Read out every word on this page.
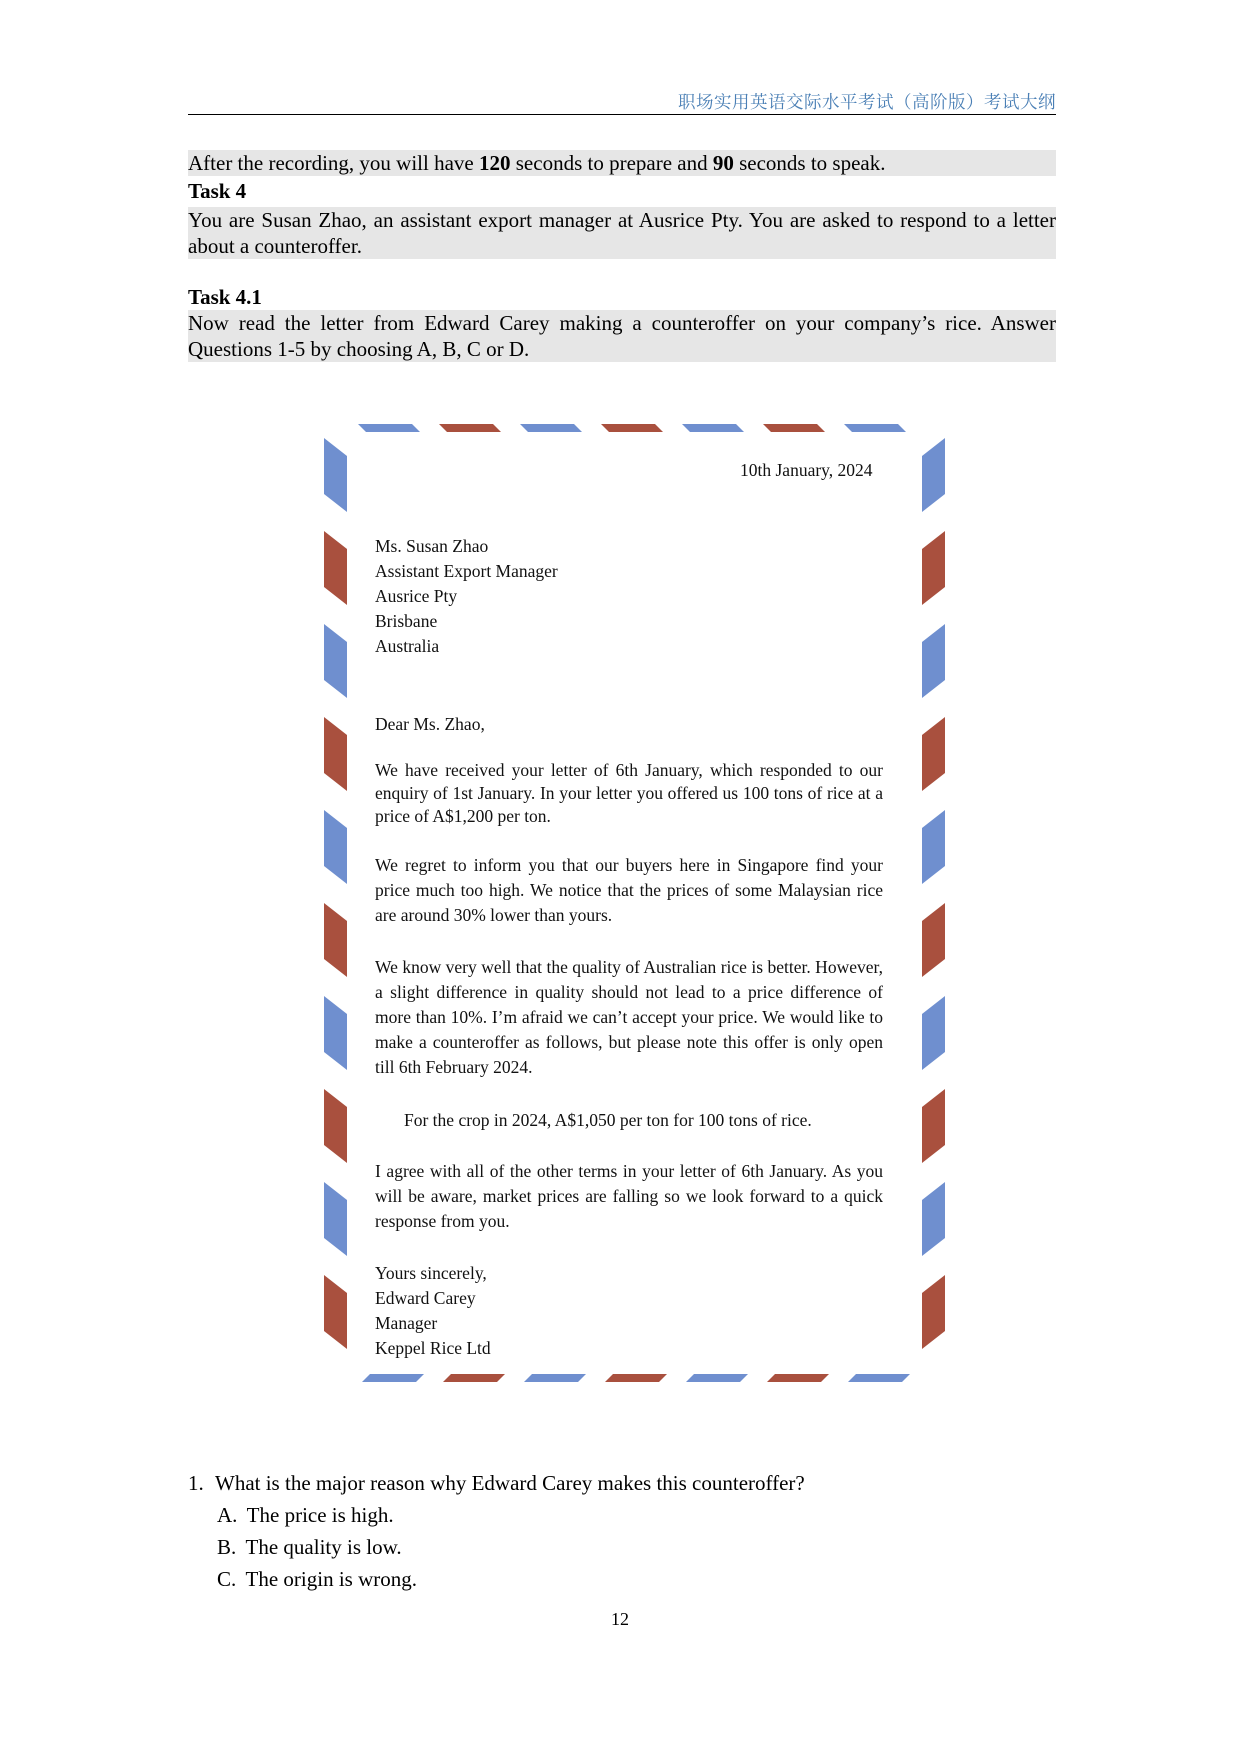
职场实用英语交际水平考试（高阶版）考试大纲
After the recording, you will have 120 seconds to prepare and 90 seconds to speak.
Task 4
You are Susan Zhao, an assistant export manager at Ausrice Pty. You are asked to respond to a letter about a counteroffer.
Task 4.1
Now read the letter from Edward Carey making a counteroffer on your company’s rice. Answer Questions 1-5 by choosing A, B, C or D.
10th January, 2024
Ms. Susan Zhao
Assistant Export Manager
Ausrice Pty
Brisbane
Australia
Dear Ms. Zhao,
We have received your letter of 6th January, which responded to our enquiry of 1st January. In your letter you offered us 100 tons of rice at a price of A$1,200 per ton.
We regret to inform you that our buyers here in Singapore find your price much too high. We notice that the prices of some Malaysian rice are around 30% lower than yours.
We know very well that the quality of Australian rice is better. However, a slight difference in quality should not lead to a price difference of more than 10%. I’m afraid we can’t accept your price. We would like to make a counteroffer as follows, but please note this offer is only open till 6th February 2024.
For the crop in 2024, A$1,050 per ton for 100 tons of rice.
I agree with all of the other terms in your letter of 6th January. As you will be aware, market prices are falling so we look forward to a quick response from you.
Yours sincerely,
Edward Carey
Manager
Keppel Rice Ltd
1. What is the major reason why Edward Carey makes this counteroffer?
A. The price is high.
B. The quality is low.
C. The origin is wrong.
12
